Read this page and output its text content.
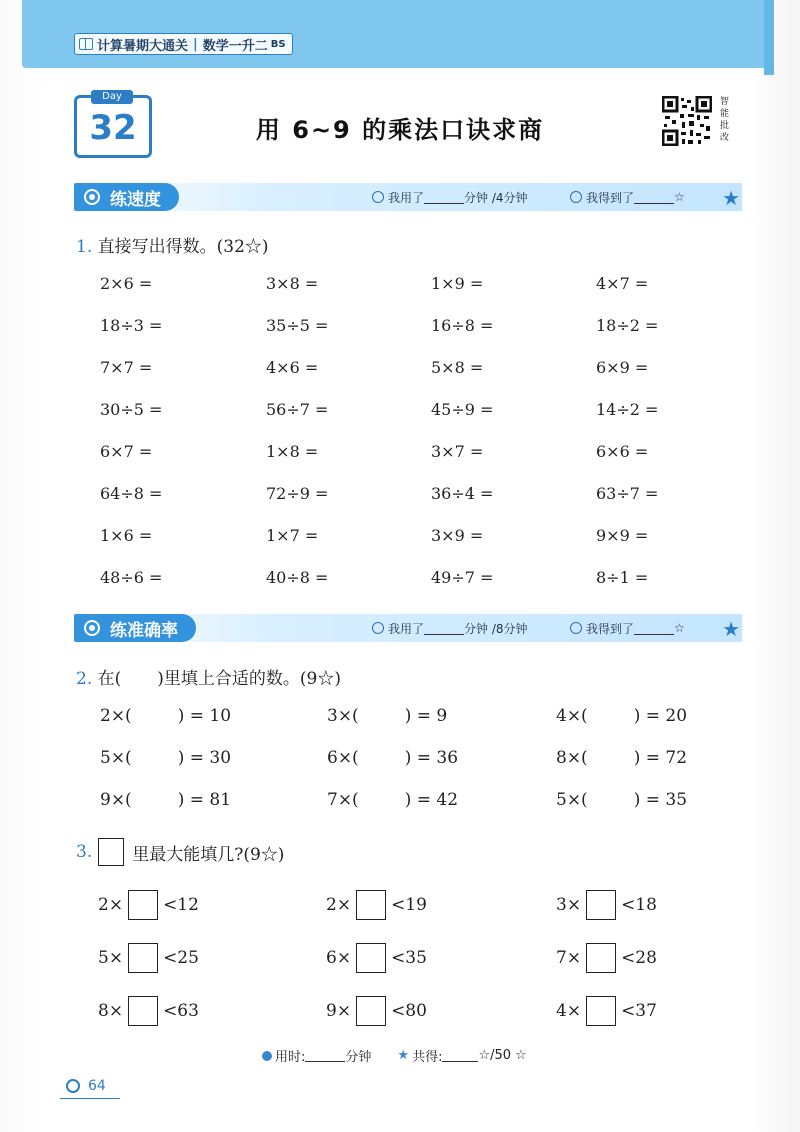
计算暑期大通关 | 数学一升二 BS
Day
32	用 6~9 的乘法口诀求商
智能批改
练速度	我用了	分钟 /4分钟	我得到了	☆ ★
1. 直接写出得数。(32☆)
2×6 =	3×8 =	1×9 =	4×7 =
18÷3 =	35÷5 =	16÷8 =	18÷2 =
7×7 =	4×6 =	5×8 =	6×9 =
30÷5 =	56÷7 =	45÷9 =	14÷2 =
6×7 =	1×8 =	3×7 =	6×6 =
64÷8 =	72÷9 =	36÷4 =	63÷7 =
1×6 =	1×7 =	3×9 =	9×9 =
48÷6 =	40÷8 =	49÷7 =	8÷1 =
练准确率	我用了	分钟 /8分钟	我得到了	☆ ★
2. 在( )里填上合适的数。(9☆)
2×(	) = 10	3×(	) = 9	4×(	) = 20
5×(	) = 30	6×(	) = 36	8×(	) = 72
9×(	) = 81	7×(	) = 42	5×(	) = 35
3. 里最大能填几?(9☆)
2× <12	2× <19	3× <18
5× <25	6× <35	7× <28
8× <63	9× <80	4× <37
用时:	分钟 ★ 共得:	☆/50 ☆
64
